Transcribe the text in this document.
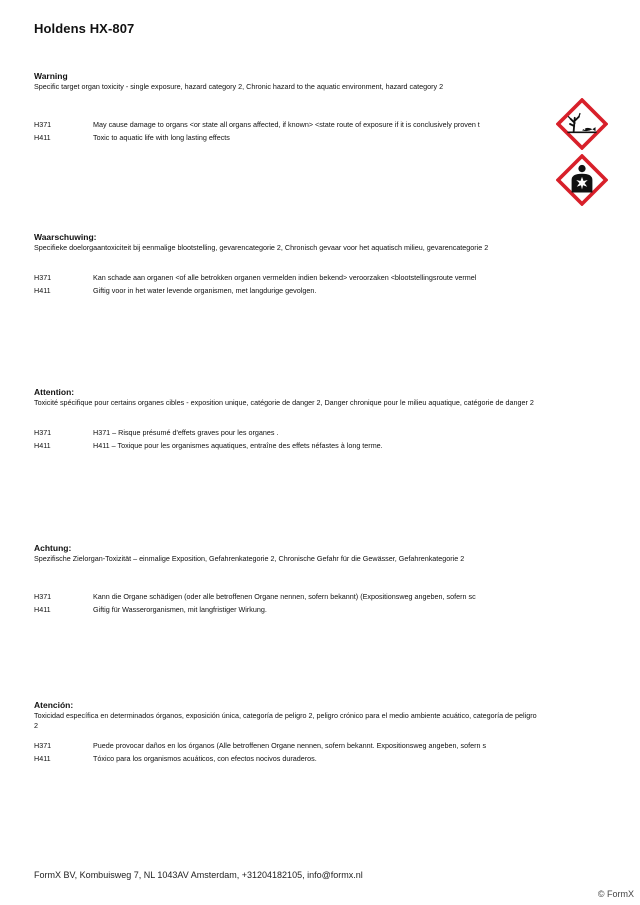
Holdens HX-807
Warning
Specific target organ toxicity - single exposure, hazard category 2, Chronic hazard to the aquatic environment, hazard category 2
H371	May cause damage to organs <or state all organs affected, if known> <state route of exposure if it is conclusively proven t
H411	Toxic to aquatic life with long lasting effects
Waarschuwing:
Specifieke doelorgaantoxiciteit bij eenmalige blootstelling, gevarencategorie 2, Chronisch gevaar voor het aquatisch milieu, gevarencategorie 2
H371	Kan schade aan organen <of alle betrokken organen vermelden indien bekend> veroorzaken <blootstellingsroute vermel
H411	Giftig voor in het water levende organismen, met langdurige gevolgen.
Attention:
Toxicité spécifique pour certains organes cibles - exposition unique, catégorie de danger 2, Danger chronique pour le milieu aquatique, catégorie de danger 2
H371	H371 – Risque présumé d'effets graves pour les organes .
H411	H411 – Toxique pour les organismes aquatiques, entraîne des effets néfastes à long terme.
Achtung:
Spezifische Zielorgan-Toxizität – einmalige Exposition, Gefahrenkategorie 2, Chronische Gefahr für die Gewässer, Gefahrenkategorie 2
H371	Kann die Organe schädigen (oder alle betroffenen Organe nennen, sofern bekannt) (Expositionsweg angeben, sofern sc
H411	Giftig für Wasserorganismen, mit langfristiger Wirkung.
Atención:
Toxicidad específica en determinados órganos, exposición única, categoría de peligro 2, peligro crónico para el medio ambiente acuático, categoría de peligro 2
H371	Puede provocar daños en los órganos (Alle betroffenen Organe nennen, sofern bekannt. Expositionsweg angeben, sofern s
H411	Tóxico para los organismos acuáticos, con efectos nocivos duraderos.
FormX BV, Kombuisweg 7, NL 1043AV Amsterdam, +31204182105, info@formx.nl
© FormX
